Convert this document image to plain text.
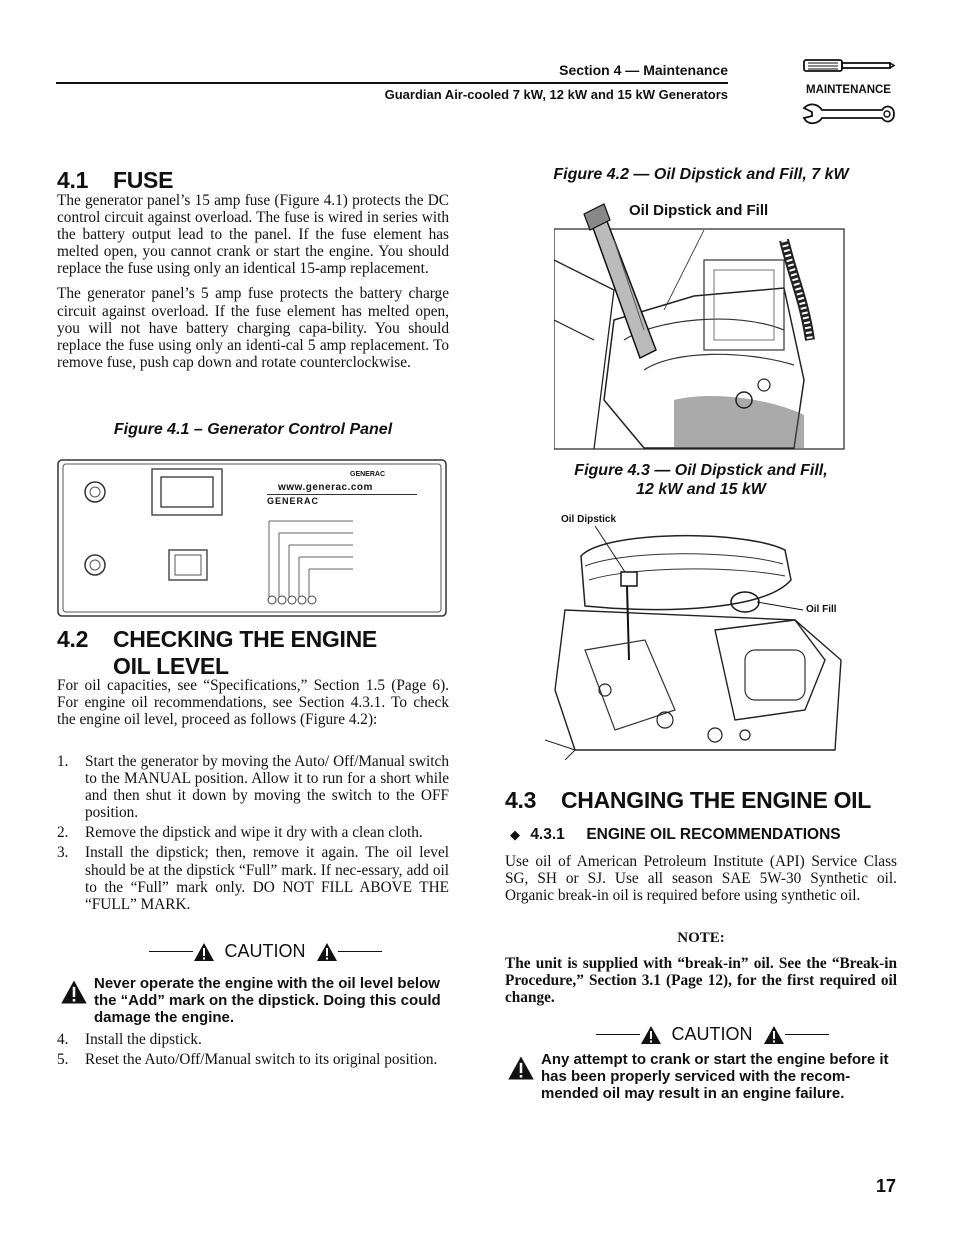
Section 4 — Maintenance
Guardian Air-cooled 7 kW, 12 kW and 15 kW Generators	MAINTENANCE
4.1 FUSE

The generator panel’s 15 amp fuse (Figure 4.1) protects the DC control circuit against overload. The fuse is wired in series with the battery output lead to the panel. If the fuse element has melted open, you cannot crank or start the engine. You should replace the fuse using only an identical 15-amp replacement.

The generator panel’s 5 amp fuse protects the battery charge circuit against overload. If the fuse element has melted open, you will not have battery charging capa-bility. You should replace the fuse using only an identi-cal 5 amp replacement. To remove fuse, push cap down and rotate counterclockwise.

Figure 4.1 – Generator Control Panel
GENERAC
www.generac.com
GENERAC
4.2 CHECKING THE ENGINE
OIL LEVEL
For oil capacities, see “Specifications,” Section 1.5 (Page 6). For engine oil recommendations, see Section 4.3.1. To check the engine oil level, proceed as follows (Figure 4.2):
1.	Start the generator by moving the Auto/ Off/Manual switch to the MANUAL position. Allow it to run for a short while and then shut it down by moving the switch to the OFF position.
2.	Remove the dipstick and wipe it dry with a clean cloth.
3.	Install the dipstick; then, remove it again. The oil level should be at the dipstick “Full” mark. If nec-essary, add oil to the “Full” mark only. DO NOT FILL ABOVE THE “FULL” MARK.
CAUTION
Never operate the engine with the oil level below the “Add” mark on the dipstick. Doing this could damage the engine.
4.	Install the dipstick.
5.	Reset the Auto/Off/Manual switch to its original position.
Figure 4.2 — Oil Dipstick and Fill, 7 kW
Oil Dipstick and Fill
Figure 4.3 — Oil Dipstick and Fill,
12 kW and 15 kW
Oil Dipstick
Oil Fill
4.3 CHANGING THE ENGINE OIL
◆ 4.3.1 ENGINE OIL RECOMMENDATIONS
Use oil of American Petroleum Institute (API) Service Class SG, SH or SJ. Use all season SAE 5W-30 Synthetic oil. Organic break-in oil is required before using synthetic oil.
NOTE:
The unit is supplied with “break-in” oil. See the “Break-in Procedure,” Section 3.1 (Page 12), for the first required oil change.
CAUTION
Any attempt to crank or start the engine before it has been properly serviced with the recom-mended oil may result in an engine failure.
17
